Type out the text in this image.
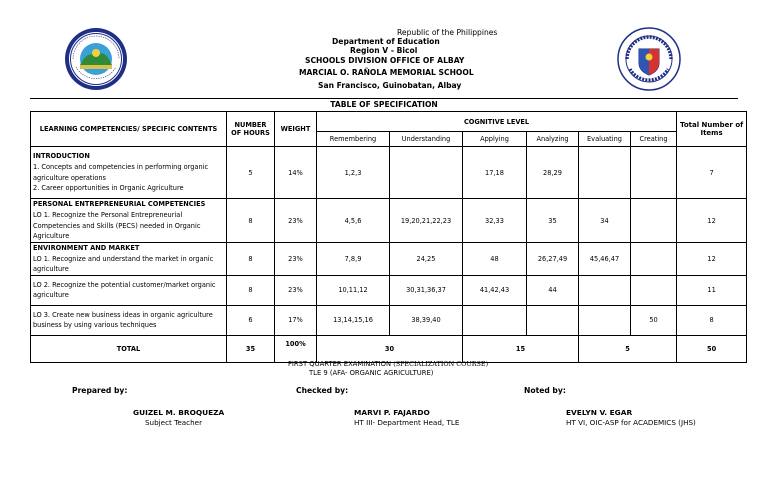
Republic of the Philippines
Department of Education
Region V - Bicol
SCHOOLS DIVISION OFFICE OF ALBAY
MARCIAL O. RAÑOLA MEMORIAL SCHOOL
San Francisco, Guinobatan, Albay
TABLE OF SPECIFICATION
LEARNING COMPETENCIES/ SPECIFIC CONTENTS	NUMBER OF HOURS	WEIGHT	COGNITIVE LEVEL						Total Number of Items
			Remembering	Understanding	Applying	Analyzing	Evaluating	Creating	
INTRODUCTION
1. Concepts and competencies in performing organic agriculture operations
2. Career opportunities in Organic Agriculture	5	14%	1,2,3		17,18	28,29			7
PERSONAL ENTREPRENEURIAL COMPETENCIES
LO 1. Recognize the Personal Entrepreneurial Competencies and Skills (PECS) needed in Organic Agriculture	8	23%	4,5,6	19,20,21,22,23	32,33	35	34		12
ENVIRONMENT AND MARKET
LO 1. Recognize and understand the market in organic agriculture	8	23%	7,8,9	24,25	48	26,27,49	45,46,47		12
LO 2. Recognize the potential customer/market organic agriculture	8	23%	10,11,12	30,31,36,37	41,42,43	44			11
LO 3. Create new business ideas in organic agriculture business by using various techniques	6	17%	13,14,15,16	38,39,40				50	8
TOTAL	35	100%	30		15		5		50
FIRST QUARTER EXAMINATION (SPECIALIZATION COURSE)
TLE 9 (AFA- ORGANIC AGRICULTURE)
Prepared by:	Checked by:	Noted by:
GUIZEL M. BROQUEZA
Subject Teacher
MARVI P. FAJARDO
HT III- Department Head, TLE
EVELYN V. EGAR
HT VI, OIC-ASP for ACADEMICS (JHS)
